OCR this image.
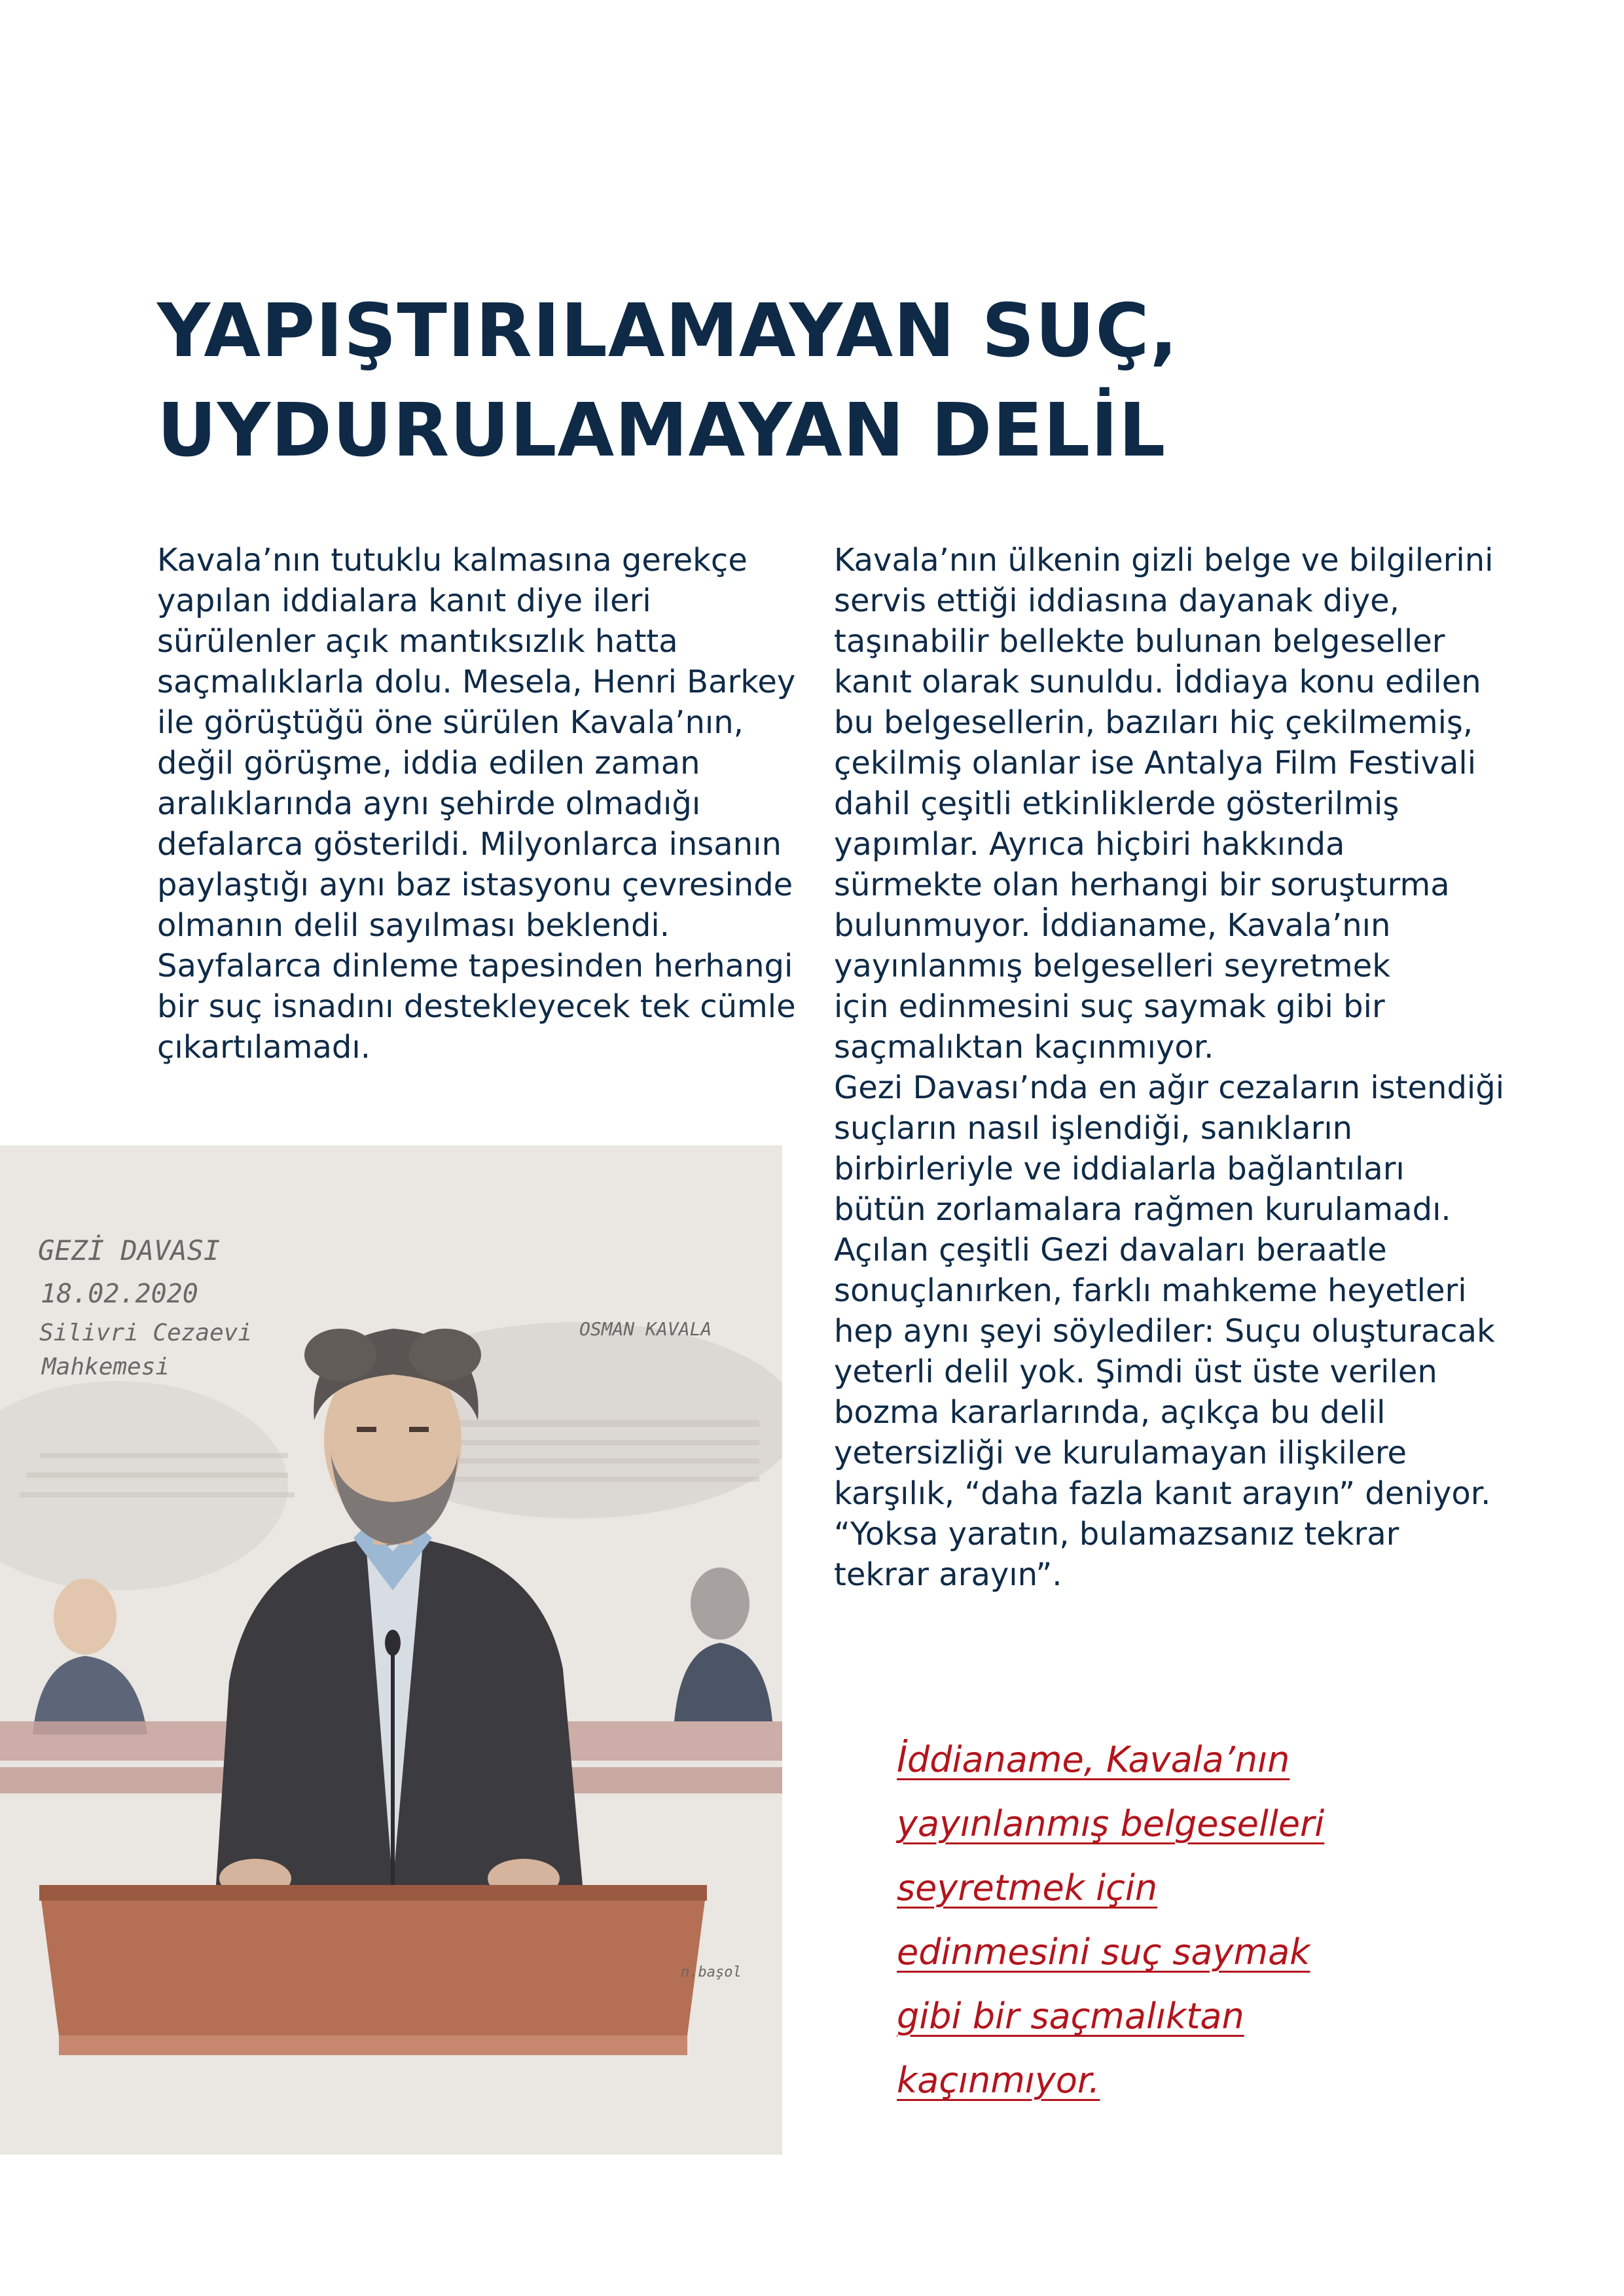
YAPIŞTIRILAMAYAN SUÇ,
UYDURULAMAYAN DELİL
Kavala’nın tutuklu kalmasına gerekçe
yapılan iddialara kanıt diye ileri
sürülenler açık mantıksızlık hatta
saçmalıklarla dolu. Mesela, Henri Barkey
ile görüştüğü öne sürülen Kavala’nın,
değil görüşme, iddia edilen zaman
aralıklarında aynı şehirde olmadığı
defalarca gösterildi. Milyonlarca insanın
paylaştığı aynı baz istasyonu çevresinde
olmanın delil sayılması beklendi.
Sayfalarca dinleme tapesinden herhangi
bir suç isnadını destekleyecek tek cümle
çıkartılamadı.
Kavala’nın ülkenin gizli belge ve bilgilerini
servis ettiği iddiasına dayanak diye,
taşınabilir bellekte bulunan belgeseller
kanıt olarak sunuldu. İddiaya konu edilen
bu belgesellerin, bazıları hiç çekilmemiş,
çekilmiş olanlar ise Antalya Film Festivali
dahil çeşitli etkinliklerde gösterilmiş
yapımlar. Ayrıca hiçbiri hakkında
sürmekte olan herhangi bir soruşturma
bulunmuyor. İddianame, Kavala’nın
yayınlanmış belgeselleri seyretmek
için edinmesini suç saymak gibi bir
saçmalıktan kaçınmıyor.
Gezi Davası’nda en ağır cezaların istendiği
suçların nasıl işlendiği, sanıkların
birbirleriyle ve iddialarla bağlantıları
bütün zorlamalara rağmen kurulamadı.
Açılan çeşitli Gezi davaları beraatle
sonuçlanırken, farklı mahkeme heyetleri
hep aynı şeyi söylediler: Suçu oluşturacak
yeterli delil yok. Şimdi üst üste verilen
bozma kararlarında, açıkça bu delil
yetersizliği ve kurulamayan ilişkilere
karşılık, “daha fazla kanıt arayın” deniyor.
“Yoksa yaratın, bulamazsanız tekrar
tekrar arayın”.
GEZİ DAVASI
18.02.2020
Silivri Cezaevi
Mahkemesi
OSMAN KAVALA
n.başol
İddianame, Kavala’nın
yayınlanmış belgeselleri
seyretmek için
edinmesini suç saymak
gibi bir saçmalıktan
kaçınmıyor.
